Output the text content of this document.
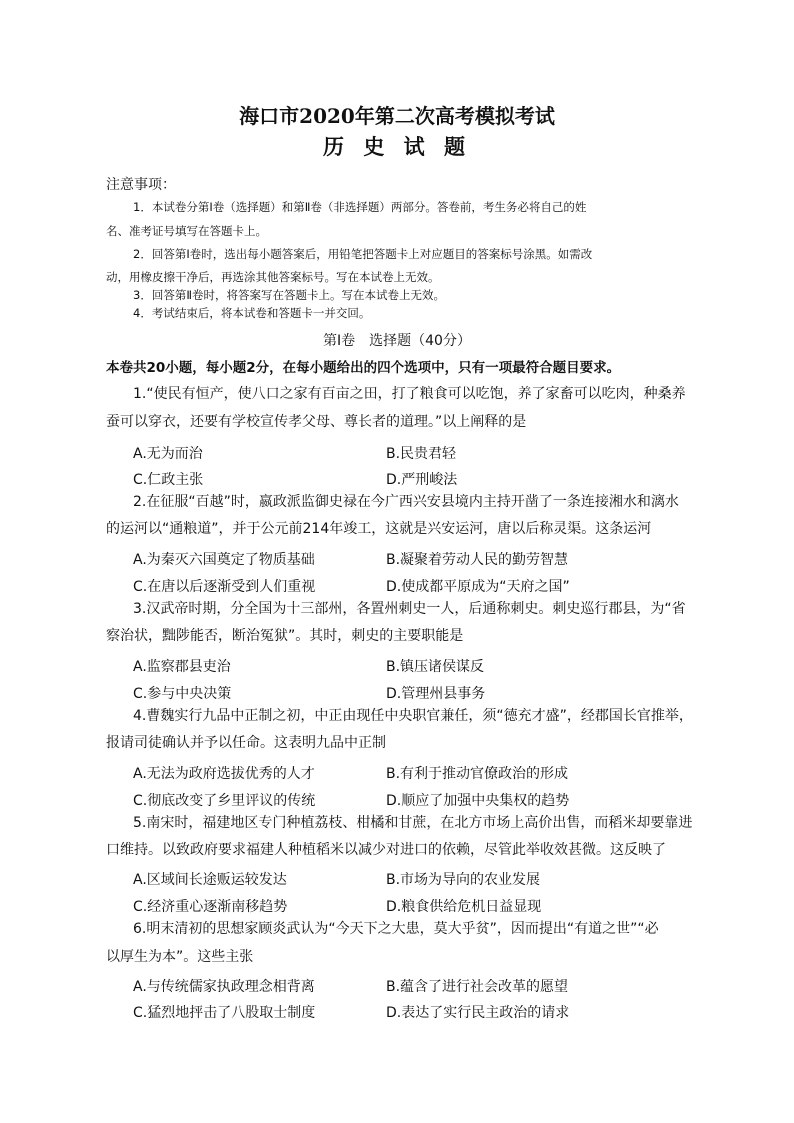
海口市2020年第二次高考模拟考试
历 史 试 题
注意事项：
1．本试卷分第Ⅰ卷（选择题）和第Ⅱ卷（非选择题）两部分。答卷前，考生务必将自己的姓
名、准考证号填写在答题卡上。
2．回答第Ⅰ卷时，选出每小题答案后，用铅笔把答题卡上对应题目的答案标号涂黑。如需改
动，用橡皮擦干净后，再选涂其他答案标号。写在本试卷上无效。
3．回答第Ⅱ卷时，将答案写在答题卡上。写在本试卷上无效。
4．考试结束后，将本试卷和答题卡一并交回。
第Ⅰ卷　选择题（40分）
本卷共20小题，每小题2分，在每小题给出的四个选项中，只有一项最符合题目要求。
1.“使民有恒产，使八口之家有百亩之田，打了粮食可以吃饱，养了家畜可以吃肉，种桑养
蚕可以穿衣，还要有学校宣传孝父母、尊长者的道理。”以上阐释的是
A.无为而治	B.民贵君轻
C.仁政主张	D.严刑峻法
2.在征服“百越”时，嬴政派监御史禄在今广西兴安县境内主持开凿了一条连接湘水和漓水
的运河以“通粮道”，并于公元前214年竣工，这就是兴安运河，唐以后称灵渠。这条运河
A.为秦灭六国奠定了物质基础	B.凝聚着劳动人民的勤劳智慧
C.在唐以后逐渐受到人们重视	D.使成都平原成为“天府之国”
3.汉武帝时期，分全国为十三部州，各置州刺史一人，后通称刺史。刺史巡行郡县，为“省
察治状，黜陟能否，断治冤狱”。其时，刺史的主要职能是
A.监察郡县吏治	B.镇压诸侯谋反
C.参与中央决策	D.管理州县事务
4.曹魏实行九品中正制之初，中正由现任中央职官兼任，须“德充才盛”，经郡国长官推举，
报请司徒确认并予以任命。这表明九品中正制
A.无法为政府选拔优秀的人才	B.有利于推动官僚政治的形成
C.彻底改变了乡里评议的传统	D.顺应了加强中央集权的趋势
5.南宋时，福建地区专门种植荔枝、柑橘和甘蔗，在北方市场上高价出售，而稻米却要靠进
口维持。以致政府要求福建人种植稻米以减少对进口的依赖，尽管此举收效甚微。这反映了
A.区域间长途贩运较发达	B.市场为导向的农业发展
C.经济重心逐渐南移趋势	D.粮食供给危机日益显现
6.明末清初的思想家顾炎武认为“今天下之大患，莫大乎贫”，因而提出“有道之世”“必
以厚生为本”。这些主张
A.与传统儒家执政理念相背离	B.蕴含了进行社会改革的愿望
C.猛烈地抨击了八股取士制度	D.表达了实行民主政治的请求
